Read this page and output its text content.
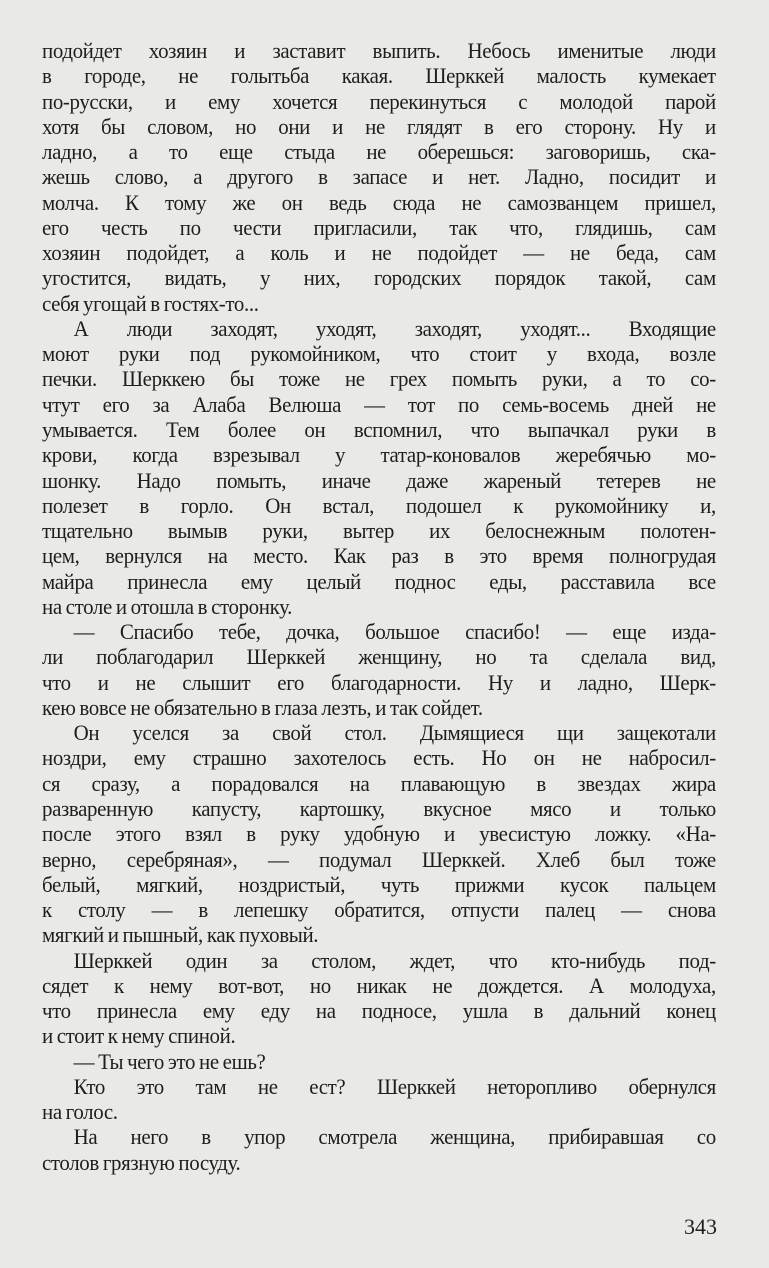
подойдет хозяин и заставит выпить. Небось именитые люди
в городе, не голытьба какая. Шерккей малость кумекает
по-русски, и ему хочется перекинуться с молодой парой
хотя бы словом, но они и не глядят в его сторону. Ну и
ладно, а то еще стыда не оберешься: заговоришь, ска-
жешь слово, а другого в запасе и нет. Ладно, посидит и
молча. К тому же он ведь сюда не самозванцем пришел,
его честь по чести пригласили, так что, глядишь, сам
хозяин подойдет, а коль и не подойдет — не беда, сам
угостится, видать, у них, городских порядок такой, сам
себя угощай в гостях-то...
А люди заходят, уходят, заходят, уходят... Входящие
моют руки под рукомойником, что стоит у входа, возле
печки. Шерккею бы тоже не грех помыть руки, а то со-
чтут его за Алаба Велюша — тот по семь-восемь дней не
умывается. Тем более он вспомнил, что выпачкал руки в
крови, когда взрезывал у татар-коновалов жеребячью мо-
шонку. Надо помыть, иначе даже жареный тетерев не
полезет в горло. Он встал, подошел к рукомойнику и,
тщательно вымыв руки, вытер их белоснежным полотен-
цем, вернулся на место. Как раз в это время полногрудая
майра принесла ему целый поднос еды, расставила все
на столе и отошла в сторонку.
— Спасибо тебе, дочка, большое спасибо! — еще изда-
ли поблагодарил Шерккей женщину, но та сделала вид,
что и не слышит его благодарности. Ну и ладно, Шерк-
кею вовсе не обязательно в глаза лезть, и так сойдет.
Он уселся за свой стол. Дымящиеся щи защекотали
ноздри, ему страшно захотелось есть. Но он не набросил-
ся сразу, а порадовался на плавающую в звездах жира
разваренную капусту, картошку, вкусное мясо и только
после этого взял в руку удобную и увесистую ложку. «На-
верно, серебряная», — подумал Шерккей. Хлеб был тоже
белый, мягкий, ноздристый, чуть прижми кусок пальцем
к столу — в лепешку обратится, отпусти палец — снова
мягкий и пышный, как пуховый.
Шерккей один за столом, ждет, что кто-нибудь под-
сядет к нему вот-вот, но никак не дождется. А молодуха,
что принесла ему еду на подносе, ушла в дальний конец
и стоит к нему спиной.
— Ты чего это не ешь?
Кто это там не ест? Шерккей неторопливо обернулся
на голос.
На него в упор смотрела женщина, прибиравшая со
столов грязную посуду.
343
